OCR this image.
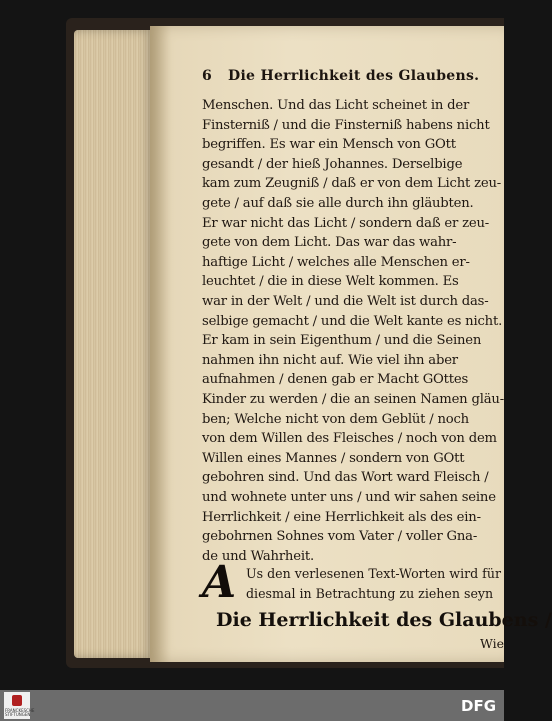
6 Die Herrlichkeit des Glaubens.
Menschen. Und das Licht scheinet in der
Finsterniß / und die Finsterniß habens nicht
begriffen. Es war ein Mensch von GOtt
gesandt / der hieß Johannes. Derselbige
kam zum Zeugniß / daß er von dem Licht zeu-
gete / auf daß sie alle durch ihn gläubten.
Er war nicht das Licht / sondern daß er zeu-
gete von dem Licht. Das war das wahr-
haftige Licht / welches alle Menschen er-
leuchtet / die in diese Welt kommen. Es
war in der Welt / und die Welt ist durch das-
selbige gemacht / und die Welt kante es nicht.
Er kam in sein Eigenthum / und die Seinen
nahmen ihn nicht auf. Wie viel ihn aber
aufnahmen / denen gab er Macht GOttes
Kinder zu werden / die an seinen Namen gläu-
ben; Welche nicht von dem Geblüt / noch
von dem Willen des Fleisches / noch von dem
Willen eines Mannes / sondern von GOtt
gebohren sind. Und das Wort ward Fleisch /
und wohnete unter uns / und wir sahen seine
Herrlichkeit / eine Herrlichkeit als des ein-
gebohrnen Sohnes vom Vater / voller Gna-
de und Wahrheit.
A Us den verlesenen Text-Worten wird für
diesmal in Betrachtung zu ziehen seyn
Die Herrlichkeit des Glaubens /
Wie
FRANCKESCHE STIFTUNGEN	DFG
